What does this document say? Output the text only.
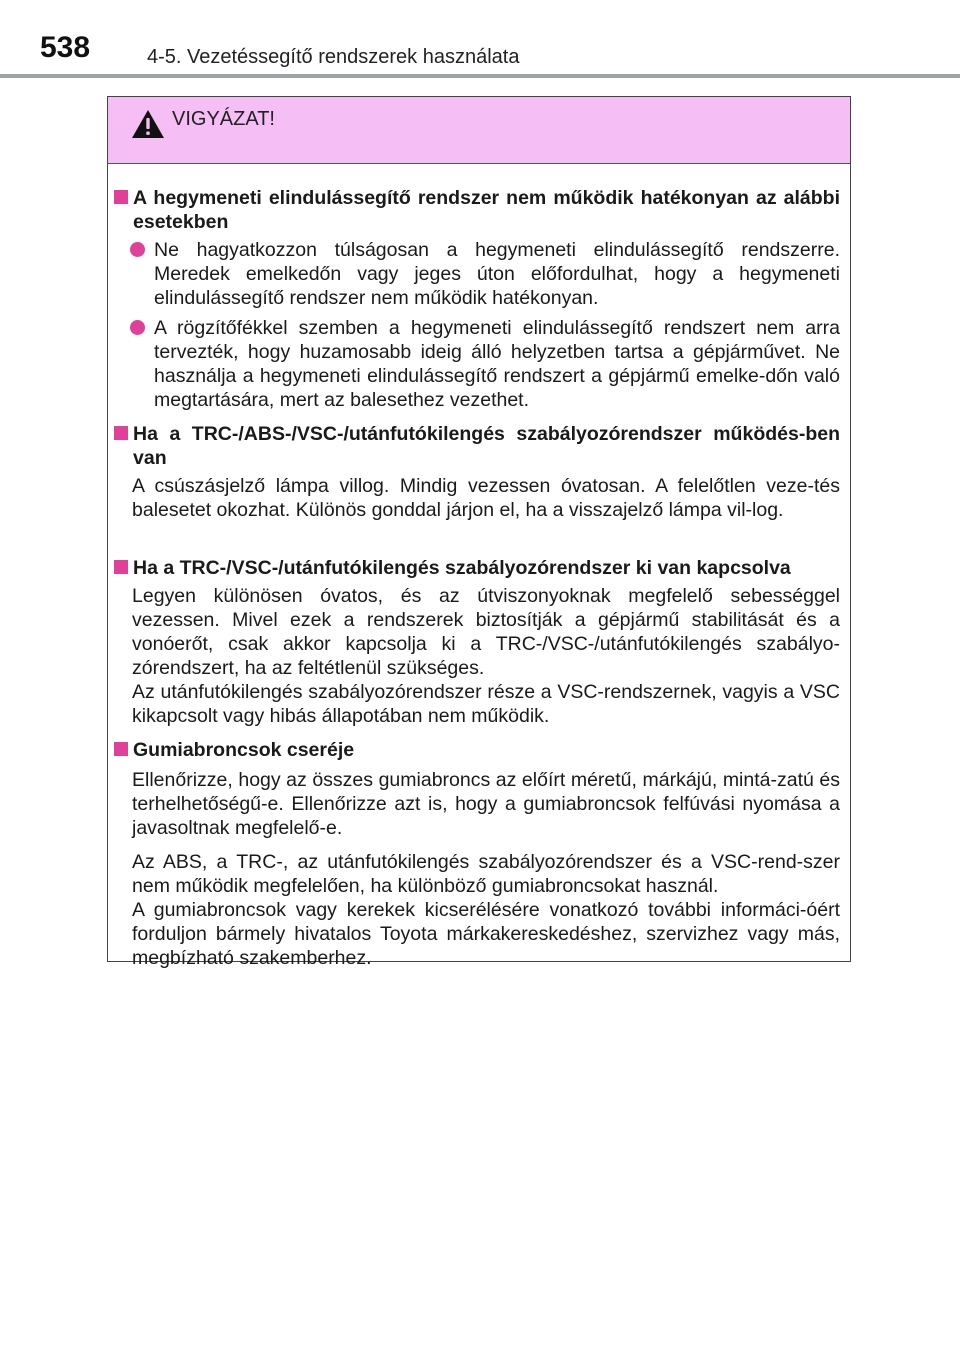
538	4-5. Vezetéssegítő rendszerek használata
VIGYÁZAT!
A hegymeneti elindulássegítő rendszer nem működik hatékonyan az alábbi esetekben
Ne hagyatkozzon túlságosan a hegymeneti elindulássegítő rendszerre. Meredek emelkedőn vagy jeges úton előfordulhat, hogy a hegymeneti elindulássegítő rendszer nem működik hatékonyan.
A rögzítőfékkel szemben a hegymeneti elindulássegítő rendszert nem arra tervezték, hogy huzamosabb ideig álló helyzetben tartsa a gépjárművet. Ne használja a hegymeneti elindulássegítő rendszert a gépjármű emelke-dőn való megtartására, mert az balesethez vezethet.
Ha a TRC-/ABS-/VSC-/utánfutókilengés szabályozórendszer működés-ben van
A csúszásjelző lámpa villog. Mindig vezessen óvatosan. A felelőtlen veze-tés balesetet okozhat. Különös gonddal járjon el, ha a visszajelző lámpa vil-log.
Ha a TRC-/VSC-/utánfutókilengés szabályozórendszer ki van kapcsolva
Legyen különösen óvatos, és az útviszonyoknak megfelelő sebességgel vezessen. Mivel ezek a rendszerek biztosítják a gépjármű stabilitását és a vonóerőt, csak akkor kapcsolja ki a TRC-/VSC-/utánfutókilengés szabályo-zórendszert, ha az feltétlenül szükséges.
Az utánfutókilengés szabályozórendszer része a VSC-rendszernek, vagyis a VSC kikapcsolt vagy hibás állapotában nem működik.
Gumiabroncsok cseréje
Ellenőrizze, hogy az összes gumiabroncs az előírt méretű, márkájú, mintá-zatú és terhelhetőségű-e. Ellenőrizze azt is, hogy a gumiabroncsok felfúvási nyomása a javasoltnak megfelelő-e.
Az ABS, a TRC-, az utánfutókilengés szabályozórendszer és a VSC-rend-szer nem működik megfelelően, ha különböző gumiabroncsokat használ.
A gumiabroncsok vagy kerekek kicserélésére vonatkozó további informáci-óért forduljon bármely hivatalos Toyota márkakereskedéshez, szervizhez vagy más, megbízható szakemberhez.
